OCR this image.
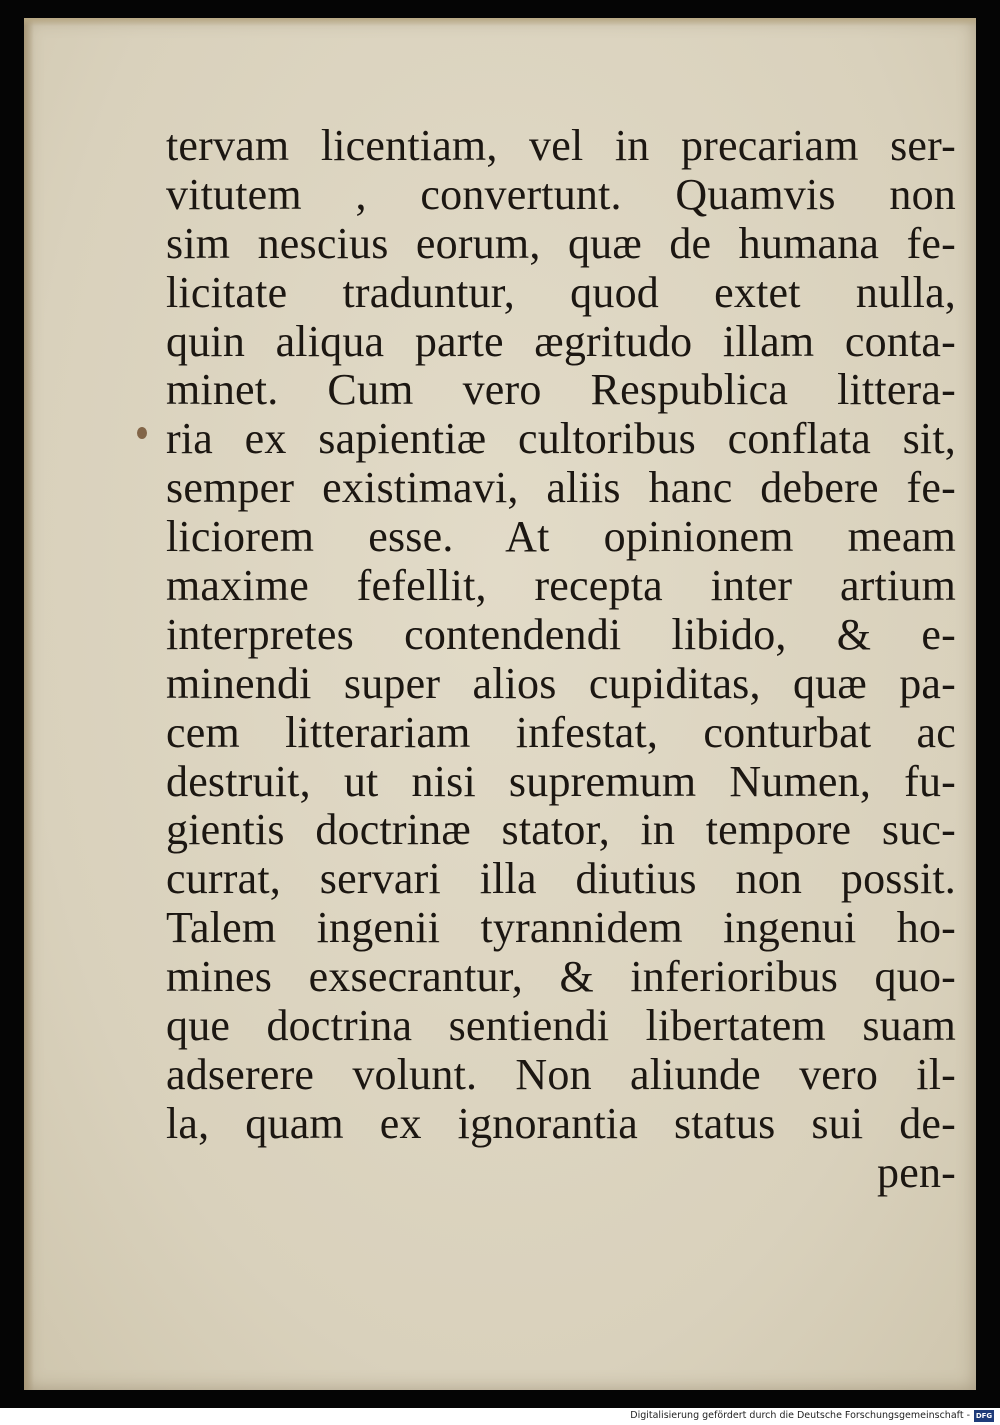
tervam licentiam, vel in precariam ser-
vitutem , convertunt. Quamvis non
sim nescius eorum, quæ de humana fe-
licitate traduntur, quod extet nulla,
quin aliqua parte ægritudo illam conta-
minet. Cum vero Respublica littera-
ria ex sapientiæ cultoribus conflata sit,
semper existimavi, aliis hanc debere fe-
liciorem esse. At opinionem meam
maxime fefellit, recepta inter artium
interpretes contendendi libido, & e-
minendi super alios cupiditas, quæ pa-
cem litterariam infestat, conturbat ac
destruit, ut nisi supremum Numen, fu-
gientis doctrinæ stator, in tempore suc-
currat, servari illa diutius non possit.
Talem ingenii tyrannidem ingenui ho-
mines exsecrantur, & inferioribus quo-
que doctrina sentiendi libertatem suam
adserere volunt. Non aliunde vero il-
la, quam ex ignorantia status sui de-
pen-
Digitalisierung gefördert durch die Deutsche Forschungsgemeinschaft - DFG
